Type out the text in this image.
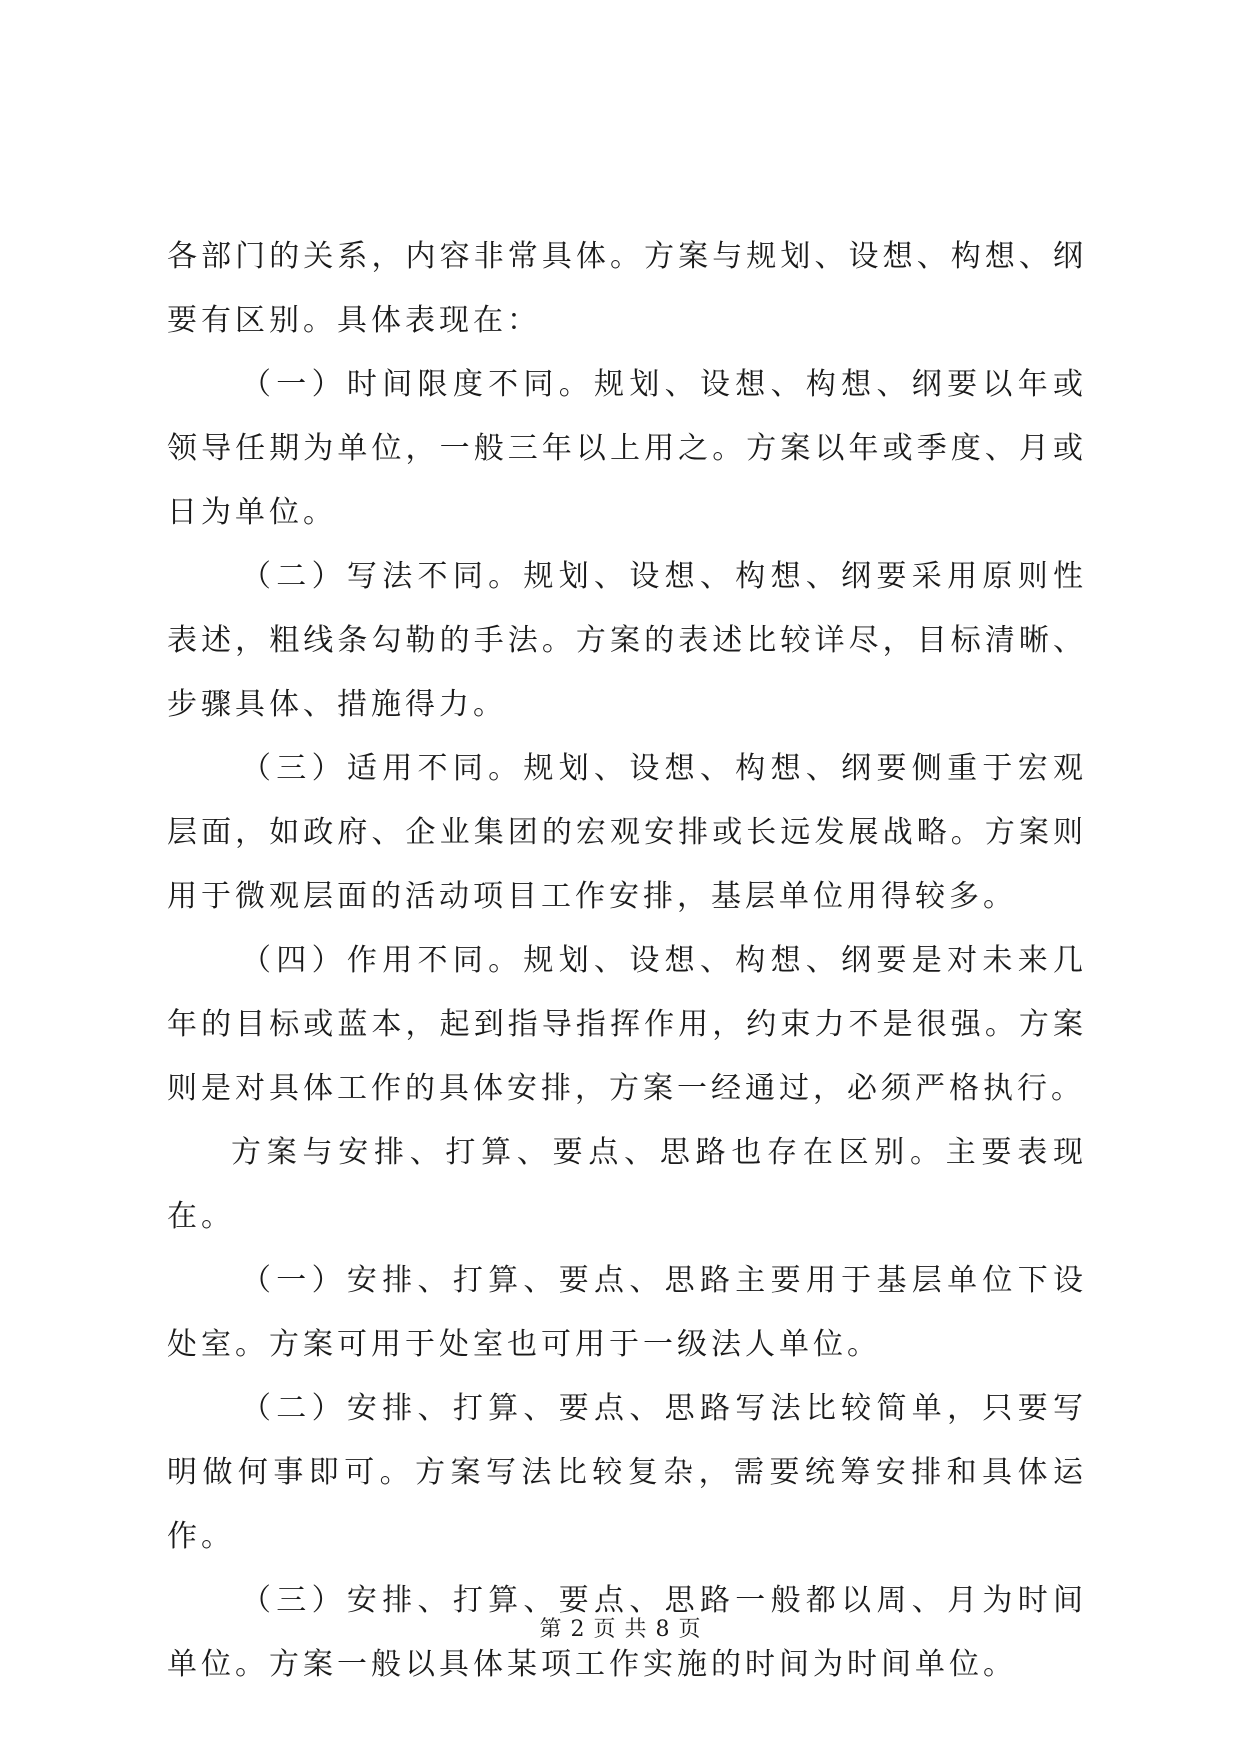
各部门的关系，内容非常具体。方案与规划、设想、构想、纲要有区别。具体表现在：

（一）时间限度不同。规划、设想、构想、纲要以年或领导任期为单位，一般三年以上用之。方案以年或季度、月或日为单位。

（二）写法不同。规划、设想、构想、纲要采用原则性表述，粗线条勾勒的手法。方案的表述比较详尽，目标清晰、步骤具体、措施得力。

（三）适用不同。规划、设想、构想、纲要侧重于宏观层面，如政府、企业集团的宏观安排或长远发展战略。方案则用于微观层面的活动项目工作安排，基层单位用得较多。

（四）作用不同。规划、设想、构想、纲要是对未来几年的目标或蓝本，起到指导指挥作用，约束力不是很强。方案则是对具体工作的具体安排，方案一经通过，必须严格执行。

方案与安排、打算、要点、思路也存在区别。主要表现在。

（一）安排、打算、要点、思路主要用于基层单位下设处室。方案可用于处室也可用于一级法人单位。

（二）安排、打算、要点、思路写法比较简单，只要写明做何事即可。方案写法比较复杂，需要统筹安排和具体运作。

（三）安排、打算、要点、思路一般都以周、月为时间单位。方案一般以具体某项工作实施的时间为时间单位。

第 2 页 共 8 页
